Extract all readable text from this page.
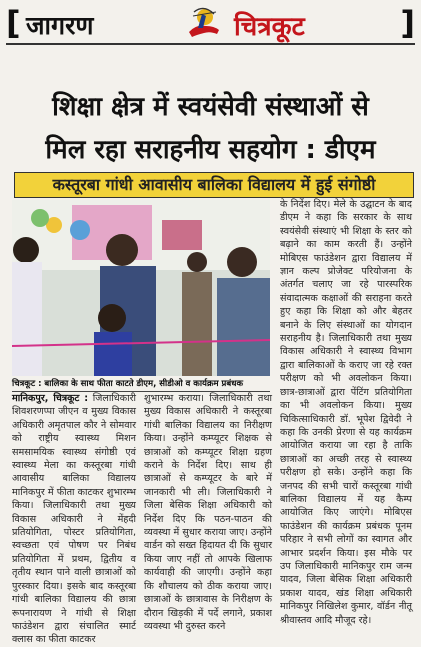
[ जागरण	चित्रकूट	]
शिक्षा क्षेत्र में स्वयंसेवी संस्थाओं से
मिल रहा सराहनीय सहयोग : डीएम
कस्तूरबा गांधी आवासीय बालिका विद्यालय में हुई संगोष्ठी
चित्रकूट : बालिका के साथ फीता काटते डीएम, सीडीओ व कार्यक्रम प्रबंधक

मानिकपुर, चित्रकूट : जिलाधिकारी शिवशरणप्पा जीएन व मुख्य विकास अधिकारी अमृतपाल कौर ने सोमवार को राष्ट्रीय स्वास्थ्य मिशन समसामयिक स्वास्थ्य संगोष्ठी एवं स्वास्थ्य मेला का कस्तूरबा गांधी आवासीय बालिका विद्यालय मानिकपुर में फीता काटकर शुभारम्भ किया। जिलाधिकारी तथा मुख्य विकास अधिकारी ने मेंहदी प्रतियोगिता, पोस्टर प्रतियोगिता, स्वच्छता एवं पोषण पर निबंध प्रतियोगिता में प्रथम, द्वितीय व तृतीय स्थान पाने वाली छात्राओं को पुरस्कार दिया। इसके बाद कस्तूरबा गांधी बालिका विद्यालय की छात्रा रूपनारायण ने गांधी से शिक्षा फाउंडेशन द्वारा संचालित स्मार्ट क्लास का फीता काटकर

शुभारम्भ कराया। जिलाधिकारी तथा मुख्य विकास अधिकारी ने कस्तूरबा गांधी बालिका विद्यालय का निरीक्षण किया। उन्होंने कम्प्यूटर शिक्षक से छात्राओं को कम्प्यूटर शिक्षा ग्रहण कराने के निर्देश दिए। साथ ही छात्राओं से कम्प्यूटर के बारे में जानकारी भी ली। जिलाधिकारी ने जिला बेसिक शिक्षा अधिकारी को निर्देश दिए कि पठन-पाठन की व्यवस्था में सुधार कराया जाए। उन्होंने वार्डन को सख्त हिदायत दी कि सुधार किया जाए नहीं तो आपके खिलाफ कार्यवाही की जाएगी। उन्होंने कहा कि शौचालय को ठीक कराया जाए। छात्राओं के छात्रावास के निरीक्षण के दौरान खिड़की में पर्दे लगाने, प्रकाश व्यवस्था भी दुरुस्त करने

के निर्देश दिए। मेले के उद्घाटन के बाद डीएम ने कहा कि सरकार के साथ स्वयंसेवी संस्थाएं भी शिक्षा के स्तर को बढ़ाने का काम करती हैं। उन्होंने मोबिएस फाउंडेशन द्वारा विद्यालय में ज्ञान कल्प प्रोजेक्ट परियोजना के अंतर्गत चलाए जा रहे पारस्परिक संवादात्मक कक्षाओं की सराहना करते हुए कहा कि शिक्षा को और बेहतर बनाने के लिए संस्थाओं का योगदान सराहनीय है। जिलाधिकारी तथा मुख्य विकास अधिकारी ने स्वास्थ्य विभाग द्वारा बालिकाओं के कराए जा रहे रक्त परीक्षण को भी अवलोकन किया। छात्र-छात्राओं द्वारा पेंटिंग प्रतियोगिता का भी अवलोकन किया। मुख्य चिकित्साधिकारी डॉ. भूपेश द्विवेदी ने कहा कि उनकी प्रेरणा से यह कार्यक्रम आयोजित कराया जा रहा है ताकि छात्राओं का अच्छी तरह से स्वास्थ्य परीक्षण हो सके। उन्होंने कहा कि जनपद की सभी चारों कस्तूरबा गांधी बालिका विद्यालय में यह कैम्प आयोजित किए जाएंगे। मोबिएस फाउंडेशन की कार्यक्रम प्रबंधक पूनम परिहार ने सभी लोगों का स्वागत और आभार प्रदर्शन किया। इस मौके पर उप जिलाधिकारी मानिकपुर राम जन्म यादव, जिला बेसिक शिक्षा अधिकारी प्रकाश यादव, खंड शिक्षा अधिकारी मानिकपुर निखिलेश कुमार, वॉर्डन नीतू श्रीवास्तव आदि मौजूद रहे।
